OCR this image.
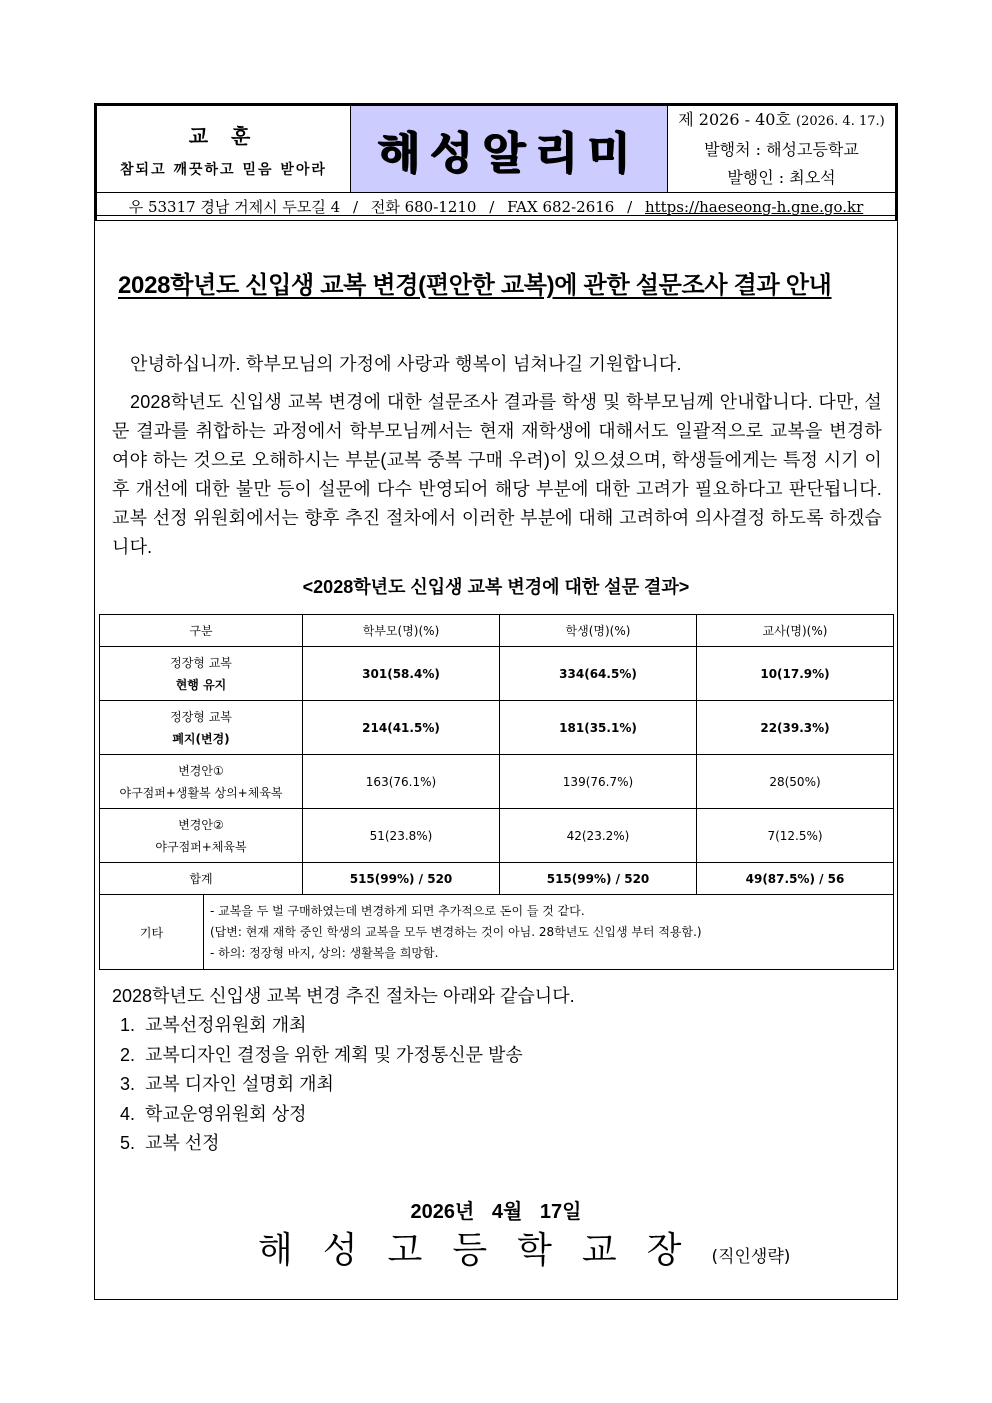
교 훈
참되고 깨끗하고 믿음 받아라	해성알리미

제 2026 - 40호 (2026. 4. 17.)
발행처 : 해성고등학교
발행인 : 최오석

우 53317 경남 거제시 두모길 4 / 전화 680-1210 / FAX 682-2616 / https://haeseong-h.gne.go.kr
2028학년도 신입생 교복 변경(편안한 교복)에 관한 설문조사 결과 안내

안녕하십니까. 학부모님의 가정에 사랑과 행복이 넘쳐나길 기원합니다.

2028학년도 신입생 교복 변경에 대한 설문조사 결과를 학생 및 학부모님께 안내합니다. 다만, 설문 결과를 취합하는 과정에서 학부모님께서는 현재 재학생에 대해서도 일괄적으로 교복을 변경하여야 하는 것으로 오해하시는 부분(교복 중복 구매 우려)이 있으셨으며, 학생들에게는 특정 시기 이후 개선에 대한 불만 등이 설문에 다수 반영되어 해당 부분에 대한 고려가 필요하다고 판단됩니다. 교복 선정 위원회에서는 향후 추진 절차에서 이러한 부분에 대해 고려하여 의사결정 하도록 하겠습니다.

<2028학년도 신입생 교복 변경에 대한 설문 결과>
구분		학부모(명)(%)	학생(명)(%)	교사(명)(%)

정장형 교복
현행 유지		301(58.4%)	334(64.5%)	10(17.9%)

정장형 교복
폐지(변경)		214(41.5%)	181(35.1%)	22(39.3%)

변경안①
야구점퍼+생활복 상의+체육복		163(76.1%)	139(76.7%)	28(50%)

변경안②
야구점퍼+체육복		51(23.8%)	42(23.2%)	7(12.5%)
합계		515(99%) / 520	515(99%) / 520	49(87.5%) / 56
기타	- 교복을 두 벌 구매하였는데 변경하게 되면 추가적으로 돈이 들 것 같다.
(답변: 현재 재학 중인 학생의 교복을 모두 변경하는 것이 아님. 28학년도 신입생 부터 적용함.)
- 하의: 정장형 바지, 상의: 생활복을 희망함.			
2028학년도 신입생 교복 변경 추진 절차는 아래와 같습니다.
1. 교복선정위원회 개최
2. 교복디자인 결정을 위한 계획 및 가정통신문 발송
3. 교복 디자인 설명회 개최
4. 학교운영위원회 상정
5. 교복 선정
2026년 4월 17일
해성고등학교장(직인생략)
